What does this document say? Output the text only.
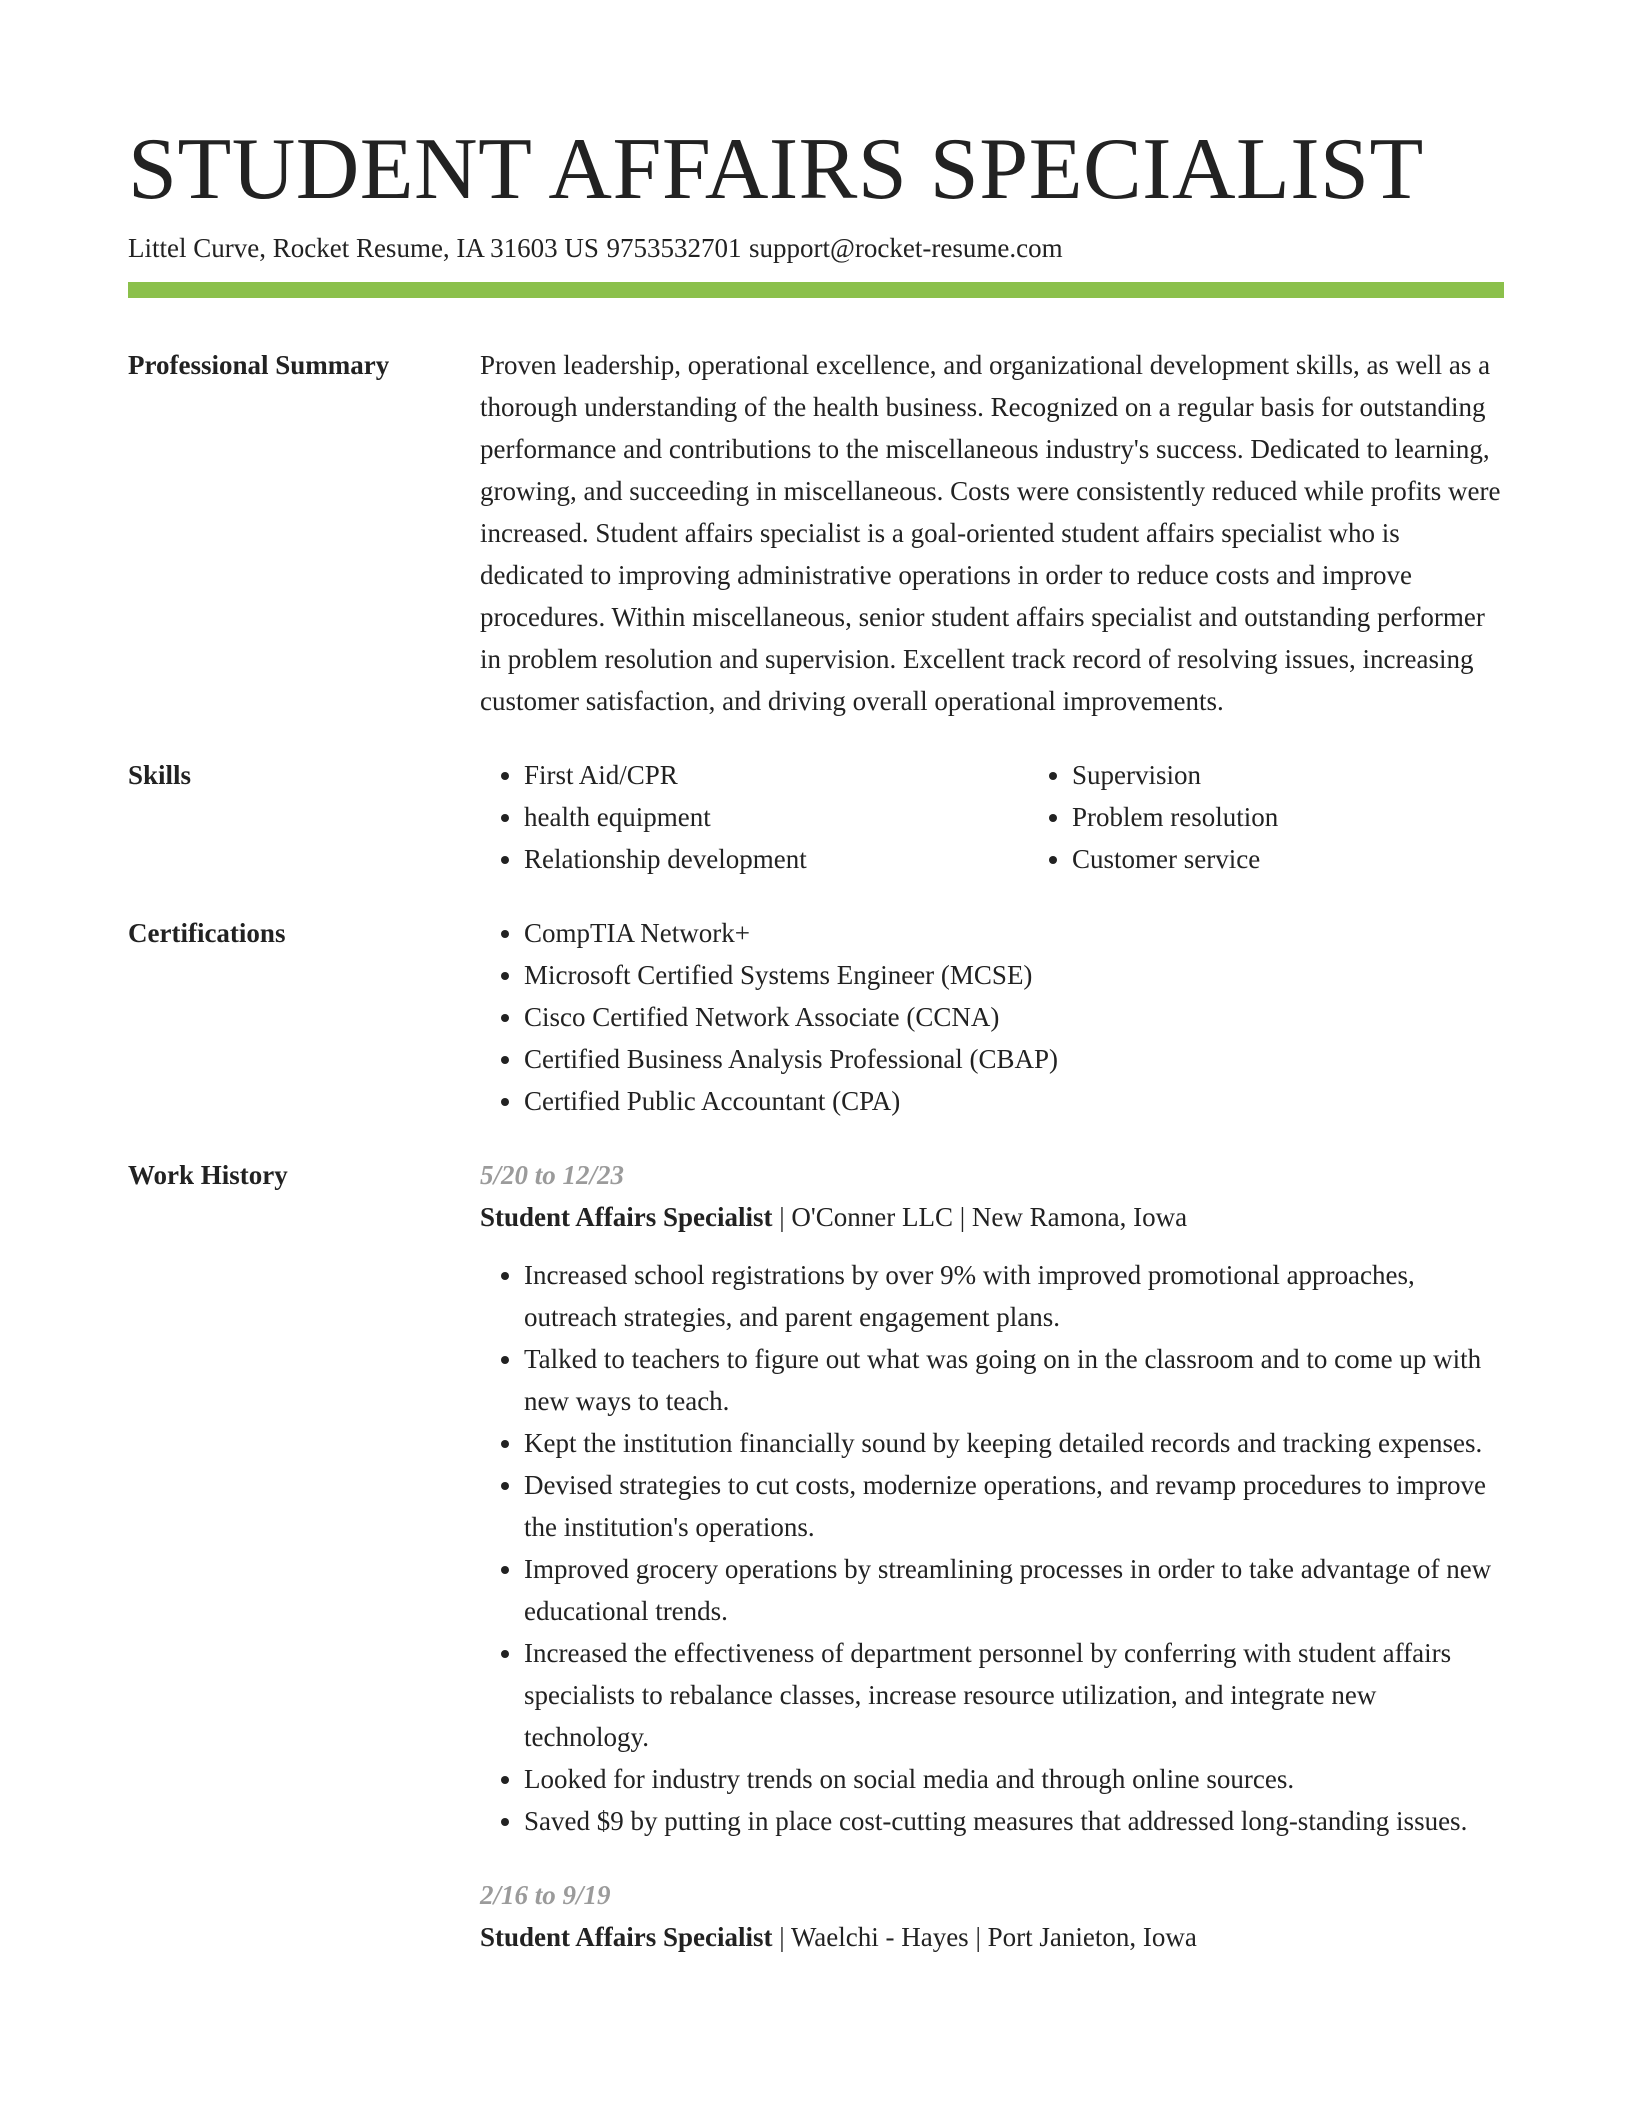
STUDENT AFFAIRS SPECIALIST
Littel Curve, Rocket Resume, IA 31603 US 9753532701 support@rocket-resume.com
Professional Summary	Proven leadership, operational excellence, and organizational development skills, as well as a thorough understanding of the health business. Recognized on a regular basis for outstanding performance and contributions to the miscellaneous industry's success. Dedicated to learning, growing, and succeeding in miscellaneous. Costs were consistently reduced while profits were increased. Student affairs specialist is a goal-oriented student affairs specialist who is dedicated to improving administrative operations in order to reduce costs and improve procedures. Within miscellaneous, senior student affairs specialist and outstanding performer in problem resolution and supervision. Excellent track record of resolving issues, increasing customer satisfaction, and driving overall operational improvements.

Skills	• First Aid/CPR
• health equipment
• Relationship development
• Supervision
• Problem resolution
• Customer service
Certifications	• CompTIA Network+
• Microsoft Certified Systems Engineer (MCSE)
• Cisco Certified Network Associate (CCNA)
• Certified Business Analysis Professional (CBAP)
• Certified Public Accountant (CPA)
Work History	5/20 to 12/23
Student Affairs Specialist | O'Conner LLC | New Ramona, Iowa
• Increased school registrations by over 9% with improved promotional approaches, outreach strategies, and parent engagement plans.
• Talked to teachers to figure out what was going on in the classroom and to come up with new ways to teach.
• Kept the institution financially sound by keeping detailed records and tracking expenses.
• Devised strategies to cut costs, modernize operations, and revamp procedures to improve the institution's operations.
• Improved grocery operations by streamlining processes in order to take advantage of new educational trends.
• Increased the effectiveness of department personnel by conferring with student affairs specialists to rebalance classes, increase resource utilization, and integrate new technology.
• Looked for industry trends on social media and through online sources.
• Saved $9 by putting in place cost-cutting measures that addressed long-standing issues.
2/16 to 9/19
Student Affairs Specialist | Waelchi - Hayes | Port Janieton, Iowa
